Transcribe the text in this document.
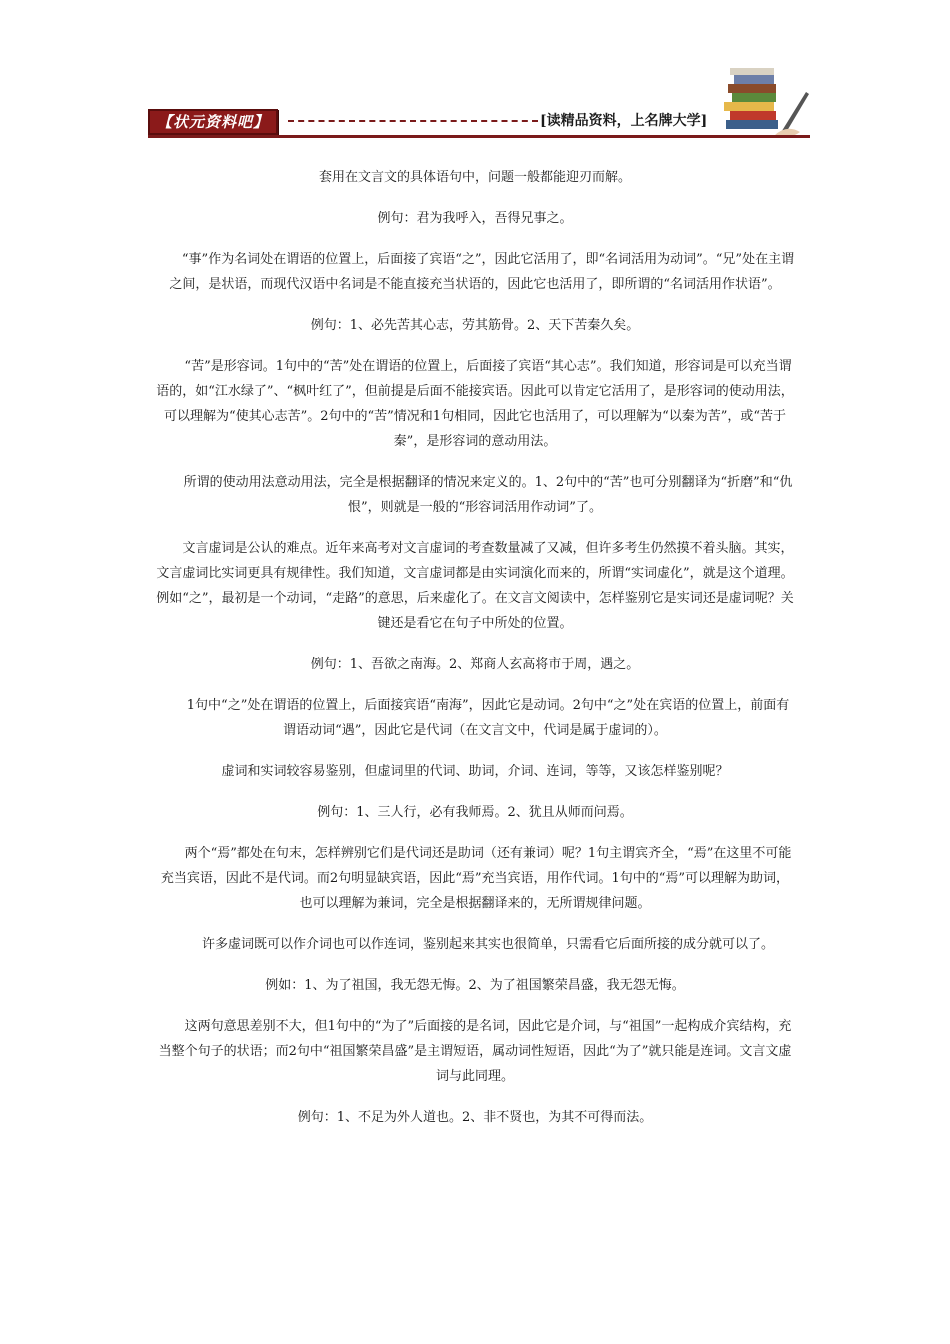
【状元资料吧】	[读精品资料，上名牌大学]

套用在文言文的具体语句中，问题一般都能迎刃而解。

例句：君为我呼入，吾得兄事之。

“事”作为名词处在谓语的位置上，后面接了宾语“之”，因此它活用了，即“名词活用为动词”。“兄”处在主谓之间，是状语，而现代汉语中名词是不能直接充当状语的，因此它也活用了，即所谓的“名词活用作状语”。

例句：1、必先苦其心志，劳其筋骨。2、天下苦秦久矣。

“苦”是形容词。1句中的“苦”处在谓语的位置上，后面接了宾语“其心志”。我们知道，形容词是可以充当谓语的，如“江水绿了”、“枫叶红了”，但前提是后面不能接宾语。因此可以肯定它活用了，是形容词的使动用法，可以理解为“使其心志苦”。2句中的“苦”情况和1句相同，因此它也活用了，可以理解为“以秦为苦”，或“苦于秦”，是形容词的意动用法。

所谓的使动用法意动用法，完全是根据翻译的情况来定义的。1、2句中的“苦”也可分别翻译为“折磨”和“仇恨”，则就是一般的“形容词活用作动词”了。

文言虚词是公认的难点。近年来高考对文言虚词的考查数量减了又减，但许多考生仍然摸不着头脑。其实，文言虚词比实词更具有规律性。我们知道，文言虚词都是由实词演化而来的，所谓“实词虚化”，就是这个道理。例如“之”，最初是一个动词，“走路”的意思，后来虚化了。在文言文阅读中，怎样鉴别它是实词还是虚词呢？关键还是看它在句子中所处的位置。

例句：1、吾欲之南海。2、郑商人玄高将市于周，遇之。

1句中“之”处在谓语的位置上，后面接宾语“南海”，因此它是动词。2句中“之”处在宾语的位置上，前面有谓语动词“遇”，因此它是代词（在文言文中，代词是属于虚词的）。

虚词和实词较容易鉴别，但虚词里的代词、助词，介词、连词，等等，又该怎样鉴别呢？

例句：1、三人行，必有我师焉。2、犹且从师而问焉。

两个“焉”都处在句末，怎样辨别它们是代词还是助词（还有兼词）呢？1句主谓宾齐全，“焉”在这里不可能充当宾语，因此不是代词。而2句明显缺宾语，因此“焉”充当宾语，用作代词。1句中的“焉”可以理解为助词，也可以理解为兼词，完全是根据翻译来的，无所谓规律问题。

许多虚词既可以作介词也可以作连词，鉴别起来其实也很简单，只需看它后面所接的成分就可以了。

例如：1、为了祖国，我无怨无悔。2、为了祖国繁荣昌盛，我无怨无悔。

这两句意思差别不大，但1句中的“为了”后面接的是名词，因此它是介词，与“祖国”一起构成介宾结构，充当整个句子的状语；而2句中“祖国繁荣昌盛”是主谓短语，属动词性短语，因此“为了”就只能是连词。文言文虚词与此同理。

例句：1、不足为外人道也。2、非不贤也，为其不可得而法。
